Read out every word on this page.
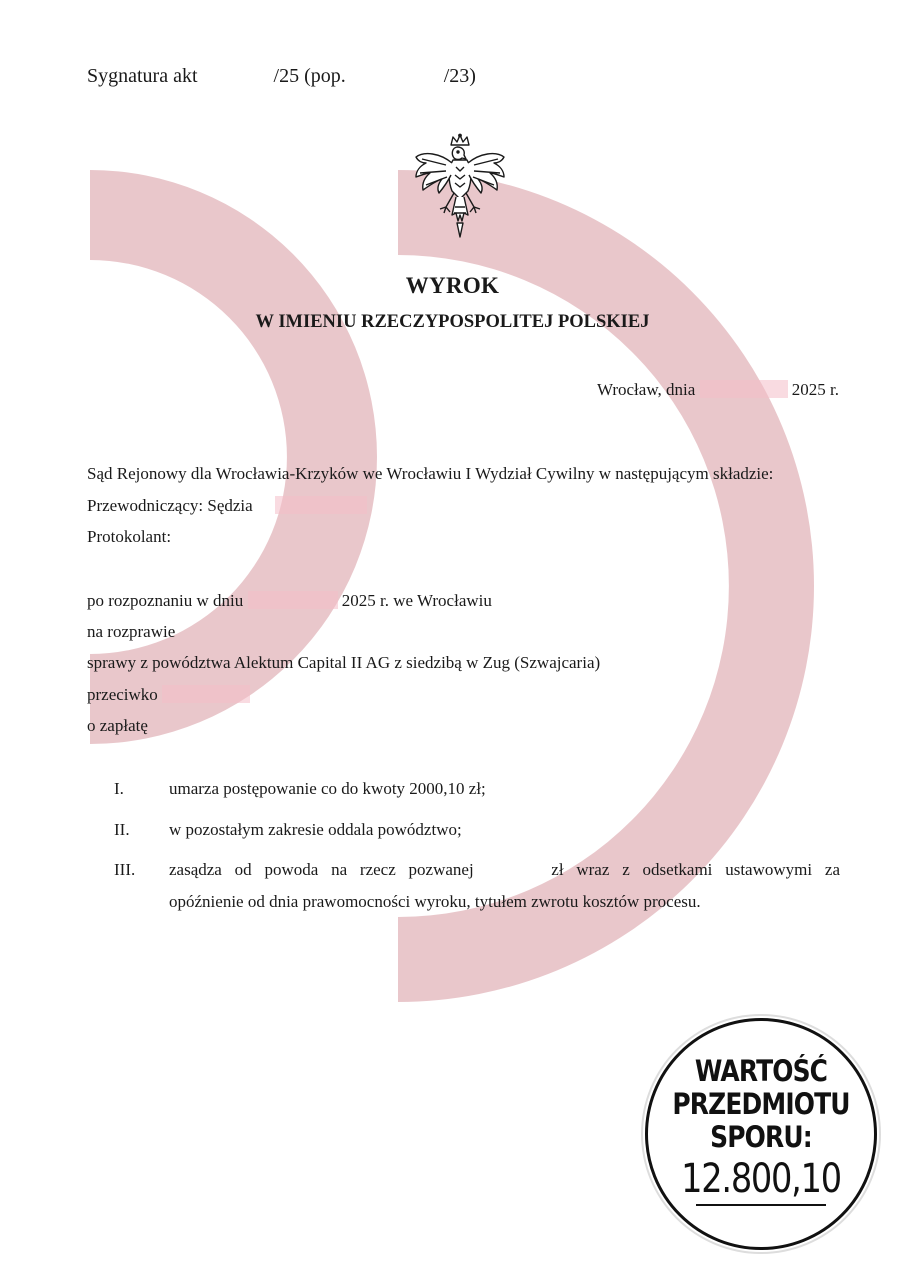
Sygnatura akt	/25 (pop.	/23)
WYROK
W IMIENIU RZECZYPOSPOLITEJ POLSKIEJ
Wrocław, dnia	2025 r.
Sąd Rejonowy dla Wrocławia-Krzyków we Wrocławiu I Wydział Cywilny w następującym składzie:
Przewodniczący: Sędzia
Protokolant:
po rozpoznaniu w dniu	2025 r. we Wrocławiu
na rozprawie
sprawy z powództwa Alektum Capital II AG z siedzibą w Zug (Szwajcaria)
przeciwko
o zapłatę
I.	umarza postępowanie co do kwoty 2000,10 zł;
II. w pozostałym zakresie oddala powództwo;
III. zasądza od powoda na rzecz pozwanej	zł wraz z odsetkami ustawowymi za
opóźnienie od dnia prawomocności wyroku, tytułem zwrotu kosztów procesu.
WARTOŚĆ
PRZEDMIOTU
SPORU:
12.800,10
